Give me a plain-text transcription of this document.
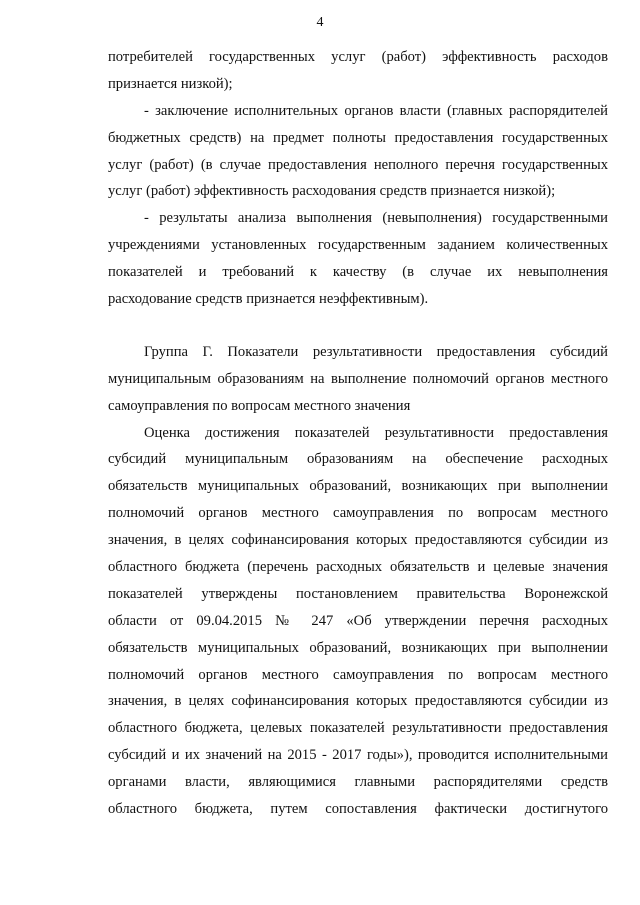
4
потребителей государственных услуг (работ) эффективность расходов
признается низкой);
- заключение исполнительных органов власти (главных распорядителей
бюджетных средств) на предмет полноты предоставления государственных
услуг (работ) (в случае предоставления неполного перечня государственных
услуг (работ) эффективность расходования средств признается низкой);
- результаты анализа выполнения (невыполнения) государственными
учреждениями установленных государственным заданием количественных
показателей и требований к качеству (в случае их невыполнения
расходование средств признается неэффективным).
Группа Г. Показатели результативности предоставления субсидий
муниципальным образованиям на выполнение полномочий органов местного
самоуправления по вопросам местного значения
Оценка достижения показателей результативности предоставления
субсидий муниципальным образованиям на обеспечение расходных
обязательств муниципальных образований, возникающих при выполнении
полномочий органов местного самоуправления по вопросам местного
значения, в целях софинансирования которых предоставляются субсидии из
областного бюджета (перечень расходных обязательств и целевые значения
показателей утверждены постановлением правительства Воронежской
области от 09.04.2015 № 247 «Об утверждении перечня расходных
обязательств муниципальных образований, возникающих при выполнении
полномочий органов местного самоуправления по вопросам местного
значения, в целях софинансирования которых предоставляются субсидии из
областного бюджета, целевых показателей результативности предоставления
субсидий и их значений на 2015 - 2017 годы»), проводится исполнительными
органами власти, являющимися главными распорядителями средств
областного бюджета, путем сопоставления фактически достигнутого
